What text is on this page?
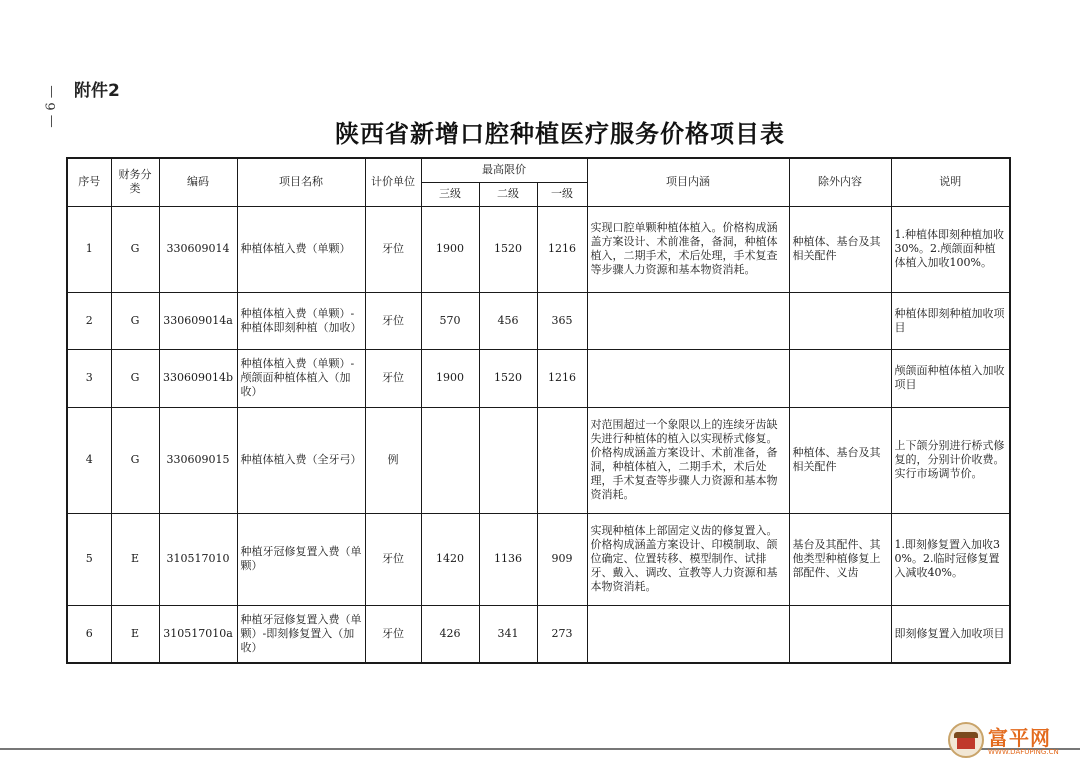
附件2
— 6 —
陕西省新增口腔种植医疗服务价格项目表
序号	财务分类	编码	项目名称	计价单位	最高限价			项目内涵	除外内容	说明
					三级	二级	一级			
1	G	330609014	种植体植入费（单颗）	牙位	1900	1520	1216	实现口腔单颗种植体植入。价格构成涵盖方案设计、术前准备，备洞，种植体植入，二期手术，术后处理，手术复查等步骤人力资源和基本物资消耗。	种植体、基台及其相关配件	1.种植体即刻种植加收30%。2.颅颌面种植体植入加收100%。
2	G	330609014a	种植体植入费（单颗）-种植体即刻种植（加收）	牙位	570	456	365			种植体即刻种植加收项目
3	G	330609014b	种植体植入费（单颗）-颅颌面种植体植入（加收）	牙位	1900	1520	1216			颅颌面种植体植入加收项目
4	G	330609015	种植体植入费（全牙弓）	例				对范围超过一个象限以上的连续牙齿缺失进行种植体的植入以实现桥式修复。价格构成涵盖方案设计、术前准备，备洞，种植体植入，二期手术，术后处理，手术复查等步骤人力资源和基本物资消耗。	种植体、基台及其相关配件	上下颌分别进行桥式修复的，分别计价收费。实行市场调节价。
5	E	310517010	种植牙冠修复置入费（单颗）	牙位	1420	1136	909	实现种植体上部固定义齿的修复置入。价格构成涵盖方案设计、印模制取、颌位确定、位置转移、模型制作、试排牙、戴入、调改、宣教等人力资源和基本物资消耗。	基台及其配件、其他类型种植修复上部配件、义齿	1.即刻修复置入加收30%。2.临时冠修复置入减收40%。
6	E	310517010a	种植牙冠修复置入费（单颗）-即刻修复置入（加收）	牙位	426	341	273			即刻修复置入加收项目
富平网
WWW.DAFUPING.CN
